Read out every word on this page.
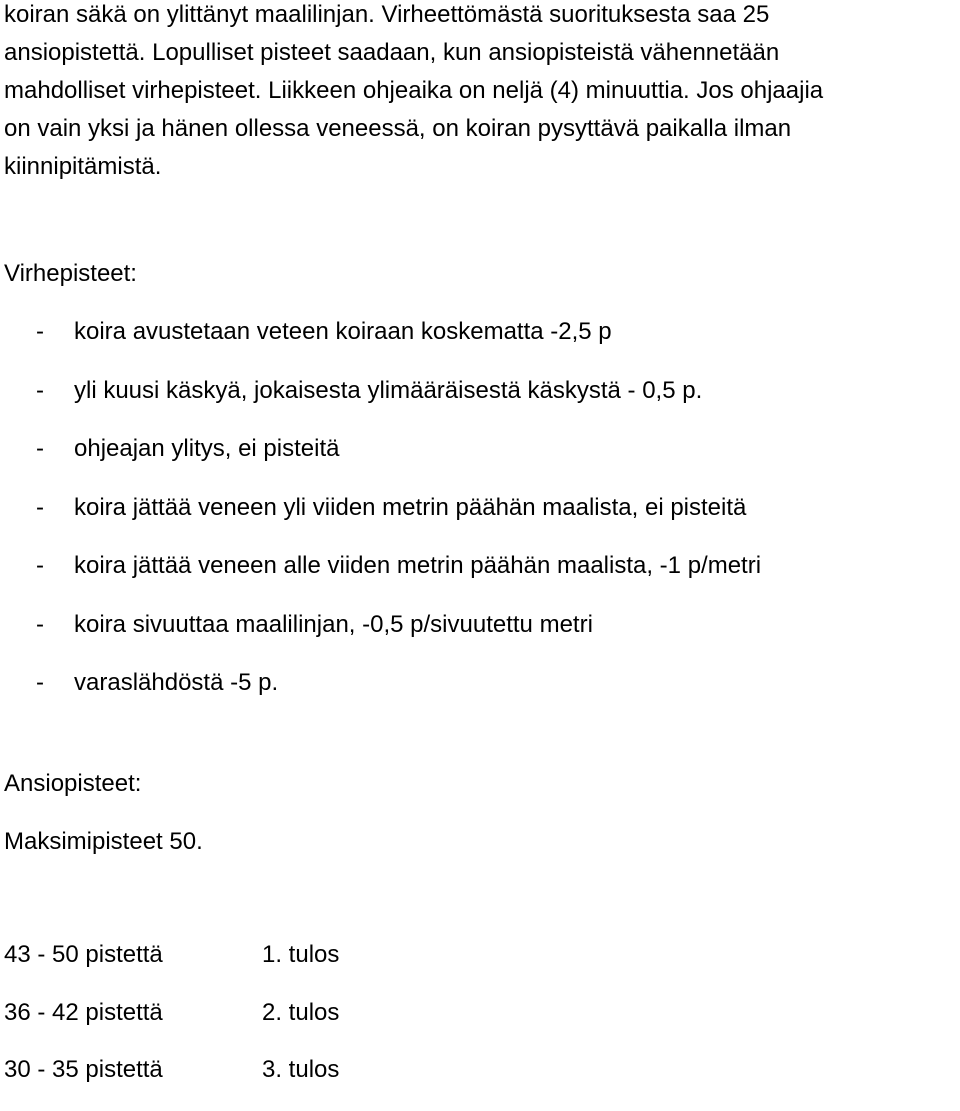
koiran säkä on ylittänyt maalilinjan. Virheettömästä suorituksesta saa 25
ansiopistettä. Lopulliset pisteet saadaan, kun ansiopisteistä vähennetään
mahdolliset virhepisteet. Liikkeen ohjeaika on neljä (4) minuuttia. Jos ohjaajia
on vain yksi ja hänen ollessa veneessä, on koiran pysyttävä paikalla ilman
kiinnipitämistä.
Virhepisteet:
- koira avustetaan veteen koiraan koskematta -2,5 p
- yli kuusi käskyä, jokaisesta ylimääräisestä käskystä - 0,5 p.
- ohjeajan ylitys, ei pisteitä
- koira jättää veneen yli viiden metrin päähän maalista, ei pisteitä
- koira jättää veneen alle viiden metrin päähän maalista, -1 p/metri
- koira sivuuttaa maalilinjan, -0,5 p/sivuutettu metri
- varaslähdöstä -5 p.
Ansiopisteet:
Maksimipisteet 50.
43 - 50 pistettä	1. tulos
36 - 42 pistettä	2. tulos
30 - 35 pistettä	3. tulos
